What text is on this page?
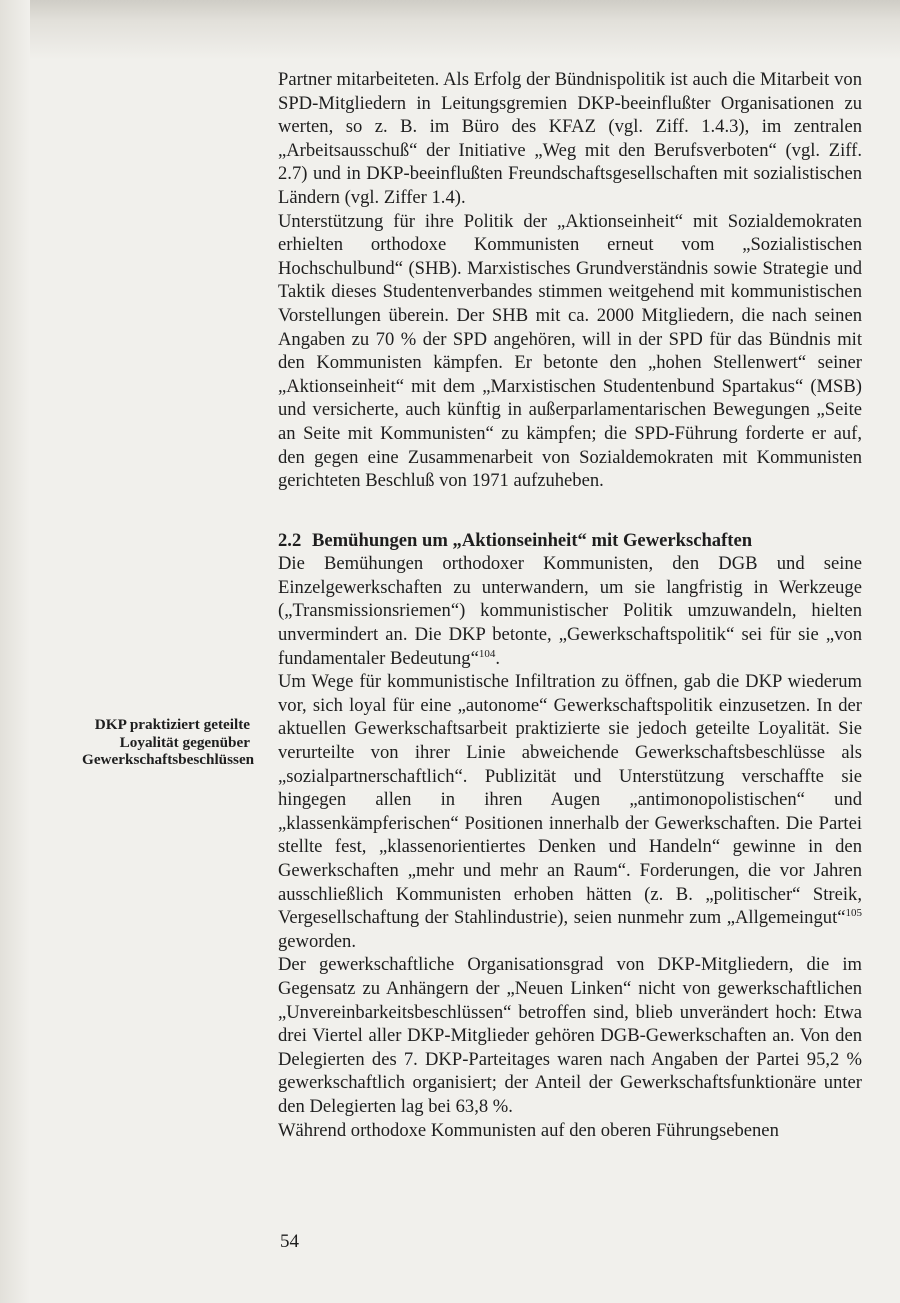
DKP praktiziert geteilte Loyalität gegenüber Gewerkschaftsbeschlüssen

Partner mitarbeiteten. Als Erfolg der Bündnispolitik ist auch die Mitarbeit von SPD-Mitgliedern in Leitungsgremien DKP-beeinflußter Organisationen zu werten, so z. B. im Büro des KFAZ (vgl. Ziff. 1.4.3), im zentralen „Arbeitsausschuß“ der Initiative „Weg mit den Berufsverboten“ (vgl. Ziff. 2.7) und in DKP-beeinflußten Freundschaftsgesellschaften mit sozialistischen Ländern (vgl. Ziffer 1.4).

Unterstützung für ihre Politik der „Aktionseinheit“ mit Sozialdemokraten erhielten orthodoxe Kommunisten erneut vom „Sozialistischen Hochschulbund“ (SHB). Marxistisches Grundverständnis sowie Strategie und Taktik dieses Studentenverbandes stimmen weitgehend mit kommunistischen Vorstellungen überein. Der SHB mit ca. 2000 Mitgliedern, die nach seinen Angaben zu 70 % der SPD angehören, will in der SPD für das Bündnis mit den Kommunisten kämpfen. Er betonte den „hohen Stellenwert“ seiner „Aktionseinheit“ mit dem „Marxistischen Studentenbund Spartakus“ (MSB) und versicherte, auch künftig in außerparlamentarischen Bewegungen „Seite an Seite mit Kommunisten“ zu kämpfen; die SPD-Führung forderte er auf, den gegen eine Zusammenarbeit von Sozialdemokraten mit Kommunisten gerichteten Beschluß von 1971 aufzuheben.

2.2 Bemühungen um „Aktionseinheit“ mit Gewerkschaften

Die Bemühungen orthodoxer Kommunisten, den DGB und seine Einzelgewerkschaften zu unterwandern, um sie langfristig in Werkzeuge („Transmissionsriemen“) kommunistischer Politik umzuwandeln, hielten unvermindert an. Die DKP betonte, „Gewerkschaftspolitik“ sei für sie „von fundamentaler Bedeutung“$^{104}$.

Um Wege für kommunistische Infiltration zu öffnen, gab die DKP wiederum vor, sich loyal für eine „autonome“ Gewerkschaftspolitik einzusetzen. In der aktuellen Gewerkschaftsarbeit praktizierte sie jedoch geteilte Loyalität. Sie verurteilte von ihrer Linie abweichende Gewerkschaftsbeschlüsse als „sozialpartnerschaftlich“. Publizität und Unterstützung verschaffte sie hingegen allen in ihren Augen „antimonopolistischen“ und „klassenkämpferischen“ Positionen innerhalb der Gewerkschaften. Die Partei stellte fest, „klassenorientiertes Denken und Handeln“ gewinne in den Gewerkschaften „mehr und mehr an Raum“. Forderungen, die vor Jahren ausschließlich Kommunisten erhoben hätten (z. B. „politischer“ Streik, Vergesellschaftung der Stahlindustrie), seien nunmehr zum „Allgemeingut“$^{105}$ geworden.

Der gewerkschaftliche Organisationsgrad von DKP-Mitgliedern, die im Gegensatz zu Anhängern der „Neuen Linken“ nicht von gewerkschaftlichen „Unvereinbarkeitsbeschlüssen“ betroffen sind, blieb unverändert hoch: Etwa drei Viertel aller DKP-Mitglieder gehören DGB-Gewerkschaften an. Von den Delegierten des 7. DKP-Parteitages waren nach Angaben der Partei 95,2 % gewerkschaftlich organisiert; der Anteil der Gewerkschaftsfunktionäre unter den Delegierten lag bei 63,8 %.

Während orthodoxe Kommunisten auf den oberen Führungsebenen

54
